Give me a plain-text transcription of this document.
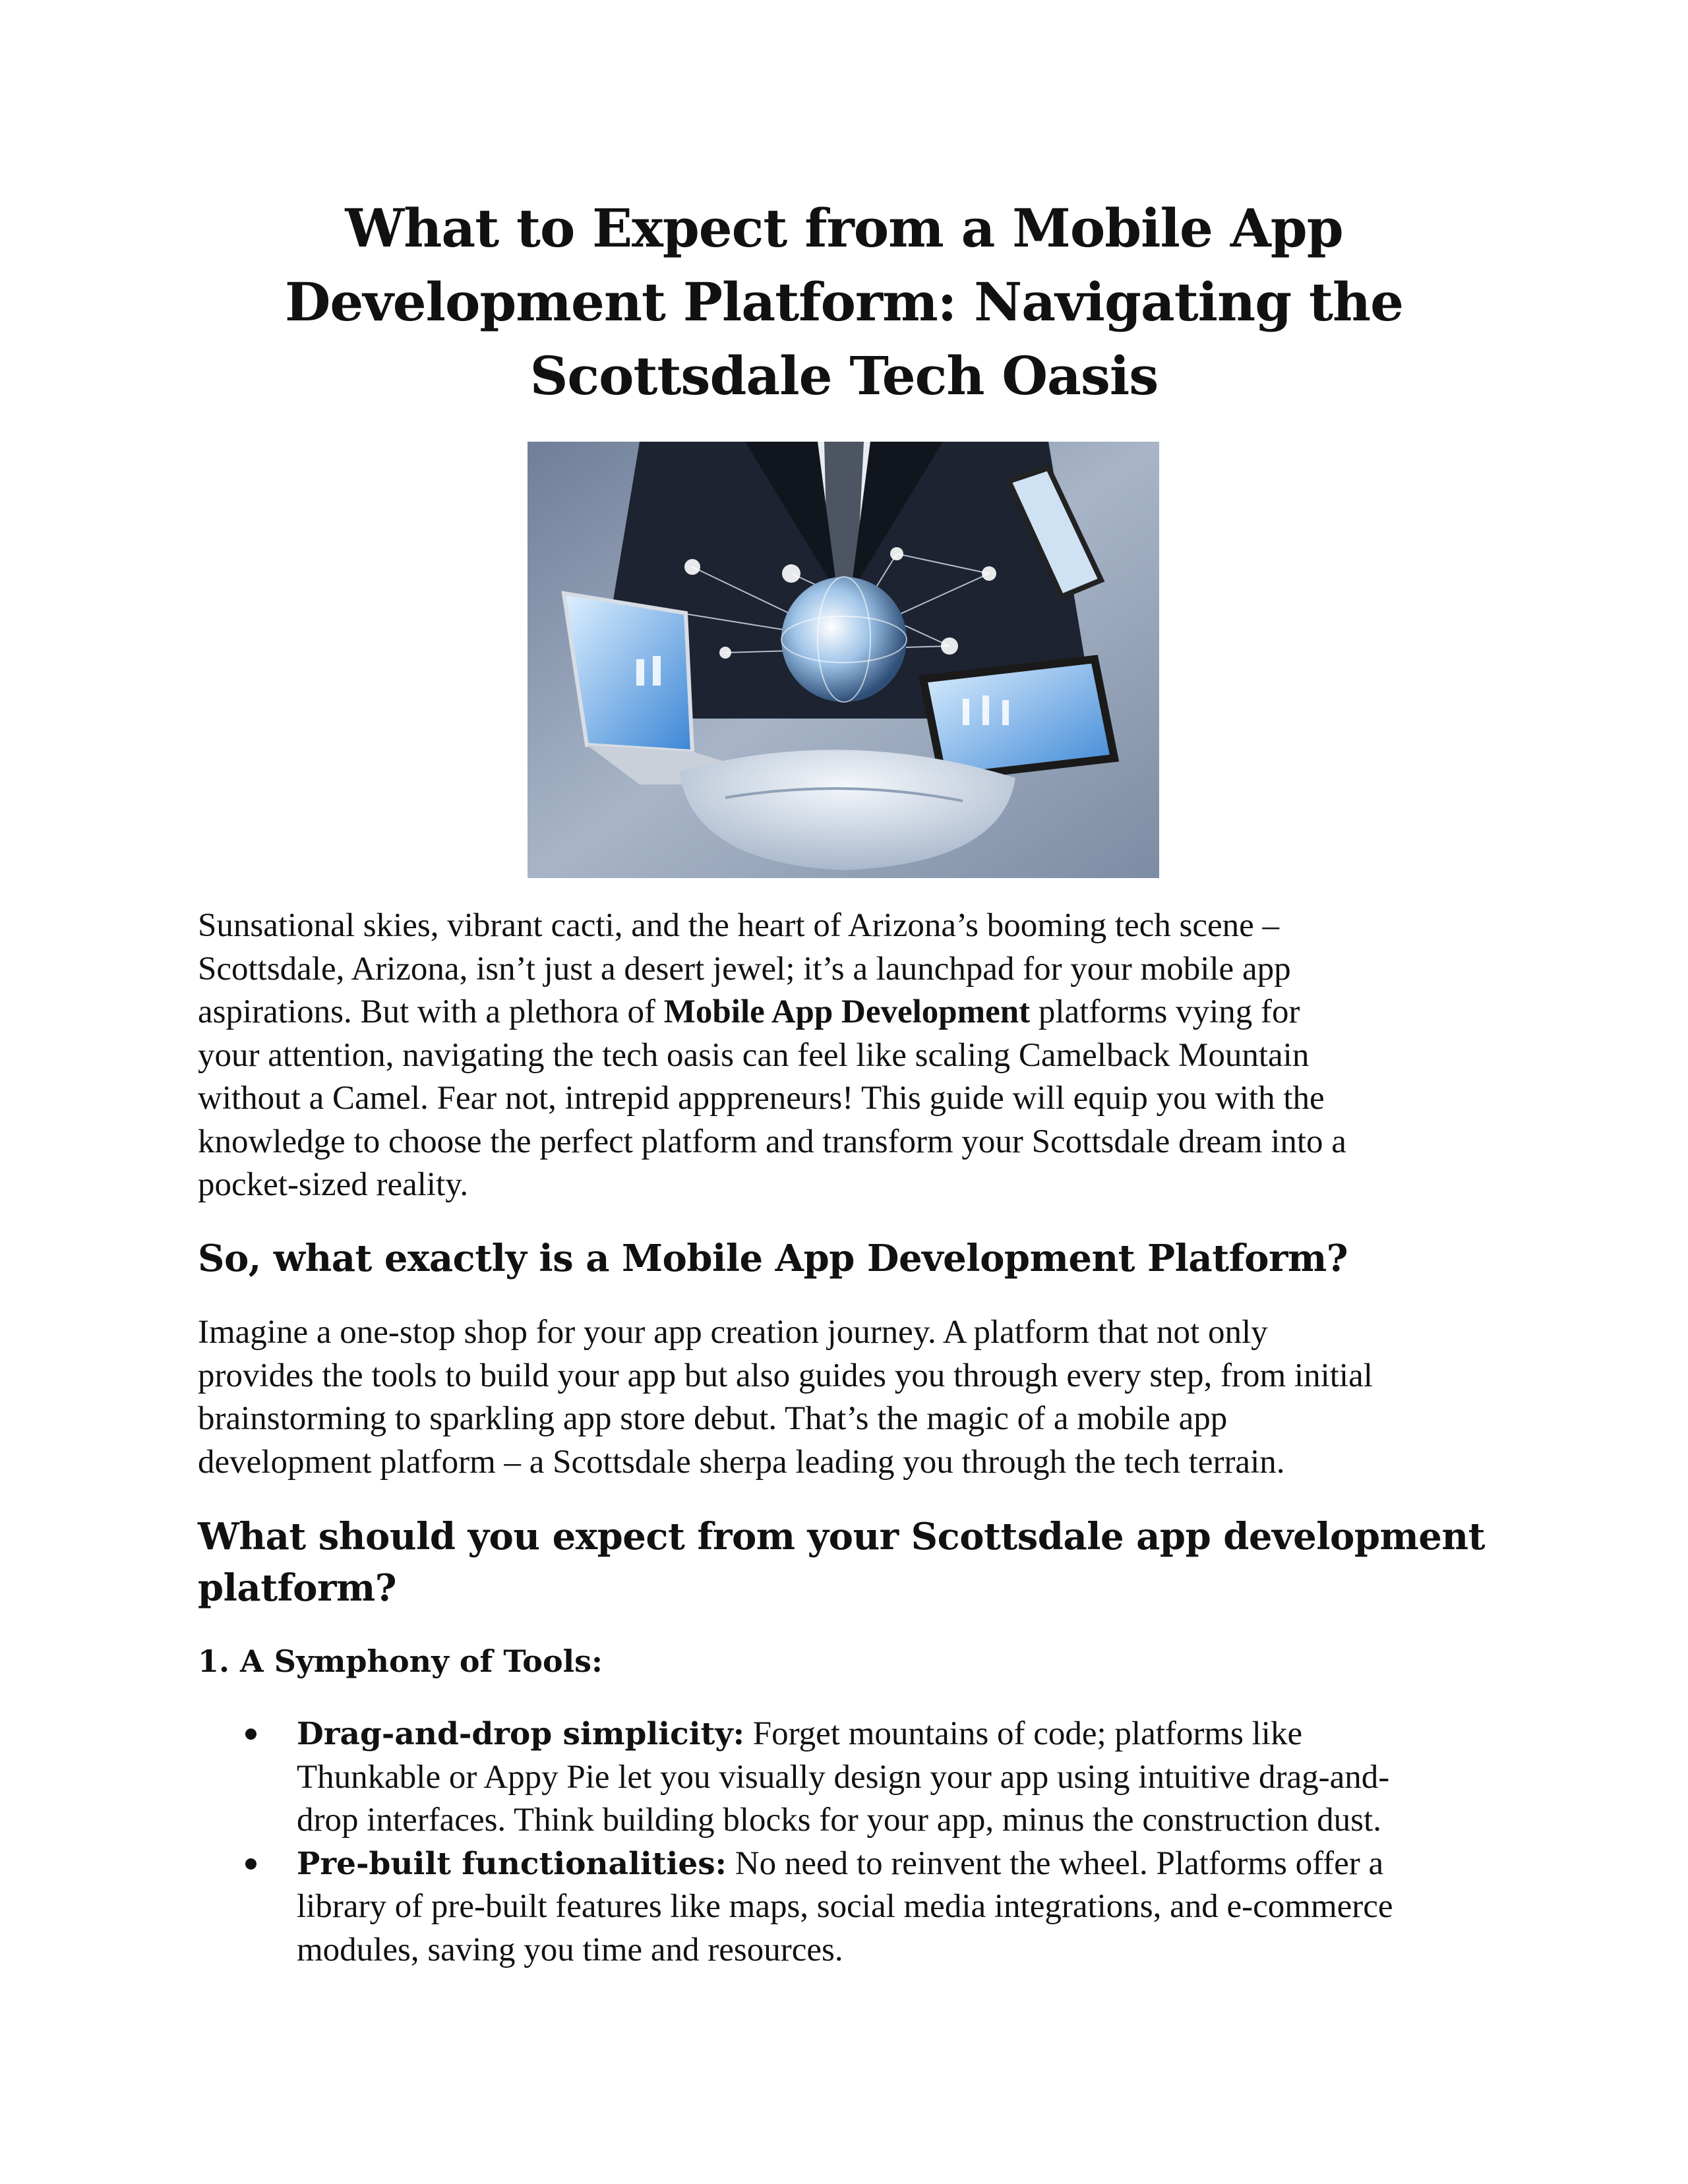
What to Expect from a Mobile App
Development Platform: Navigating the
Scottsdale Tech Oasis

Sunsational skies, vibrant cacti, and the heart of Arizona’s booming tech scene –
Scottsdale, Arizona, isn’t just a desert jewel; it’s a launchpad for your mobile app
aspirations. But with a plethora of Mobile App Development platforms vying for
your attention, navigating the tech oasis can feel like scaling Camelback Mountain
without a Camel. Fear not, intrepid apppreneurs! This guide will equip you with the
knowledge to choose the perfect platform and transform your Scottsdale dream into a
pocket-sized reality.

So, what exactly is a Mobile App Development Platform?

Imagine a one-stop shop for your app creation journey. A platform that not only
provides the tools to build your app but also guides you through every step, from initial
brainstorming to sparkling app store debut. That’s the magic of a mobile app
development platform – a Scottsdale sherpa leading you through the tech terrain.

What should you expect from your Scottsdale app development
platform?
1. A Symphony of Tools:
Drag-and-drop simplicity: Forget mountains of code; platforms like
Thunkable or Appy Pie let you visually design your app using intuitive drag-and-
drop interfaces. Think building blocks for your app, minus the construction dust.
Pre-built functionalities: No need to reinvent the wheel. Platforms offer a
library of pre-built features like maps, social media integrations, and e-commerce
modules, saving you time and resources.
